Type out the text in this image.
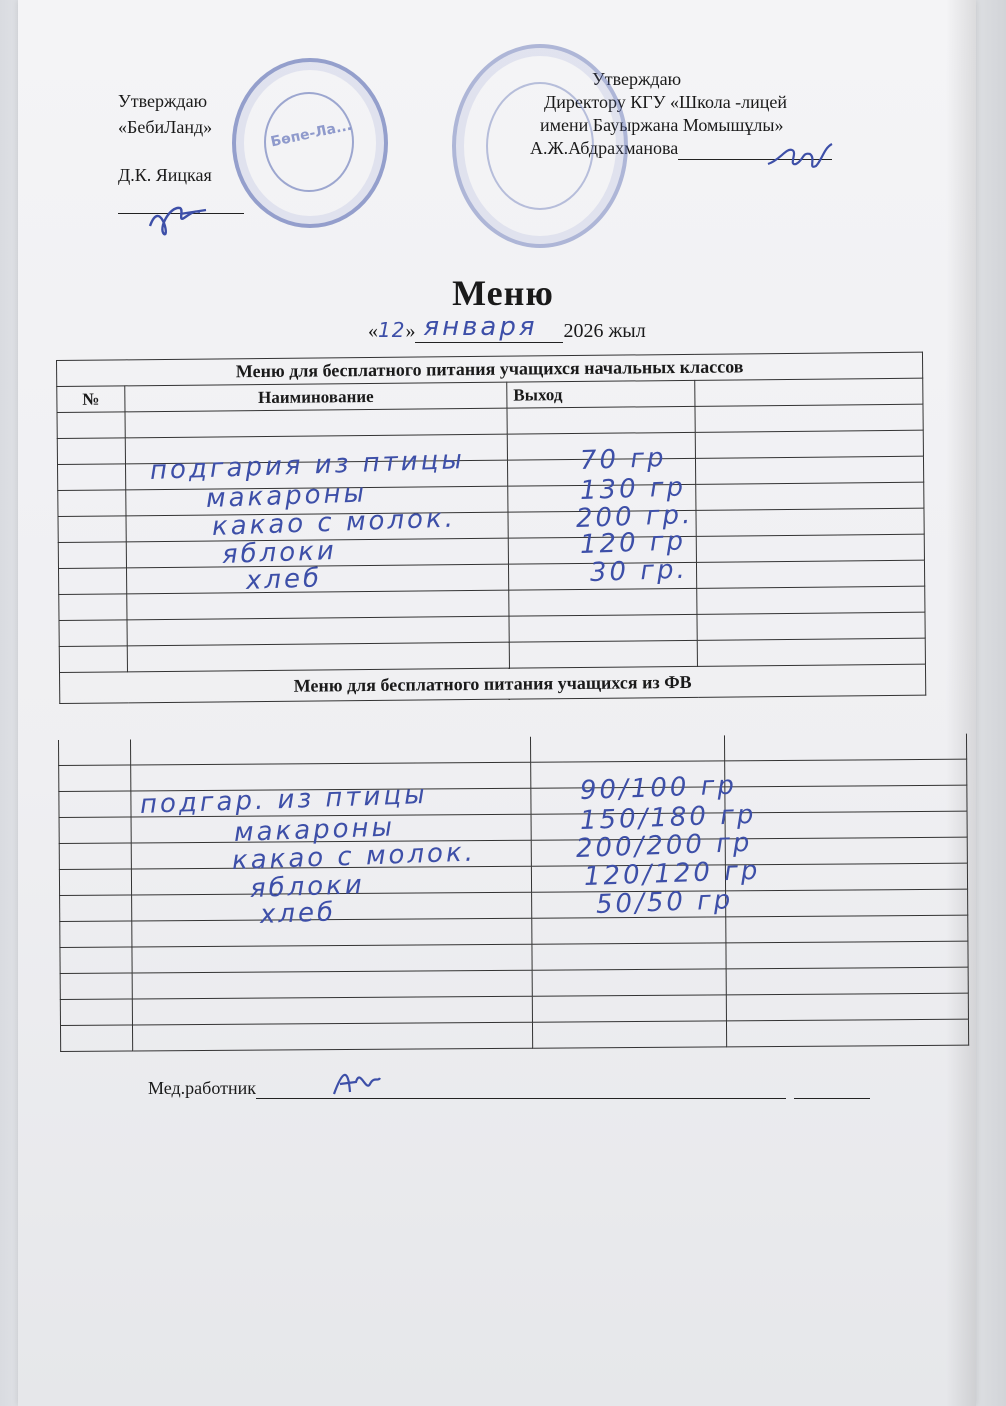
Утверждаю
«БебиЛанд»
Д.К. Яицкая
Бөпе-Ла...
Утверждаю
Директору КГУ «Школа -лицей
имени Бауыржана Момышұлы»
А.Ж.Абдрахманова
Меню
«12» января 2026 жыл
Меню для бесплатного питания учащихся начальных классов			
№	Наиминование	Выход	

Меню для бесплатного питания учащихся из ФВ			

подгария из птицы	70 гр
макароны	130 гр
какао с молок.	200 гр.
яблоки	120 гр
хлеб	30 гр.
подгар. из птицы	90/100 гр
макароны	150/180 гр
какао с молок.	200/200 гр
яблоки	120/120 гр
хлеб	50/50 гр
Мед.работник
